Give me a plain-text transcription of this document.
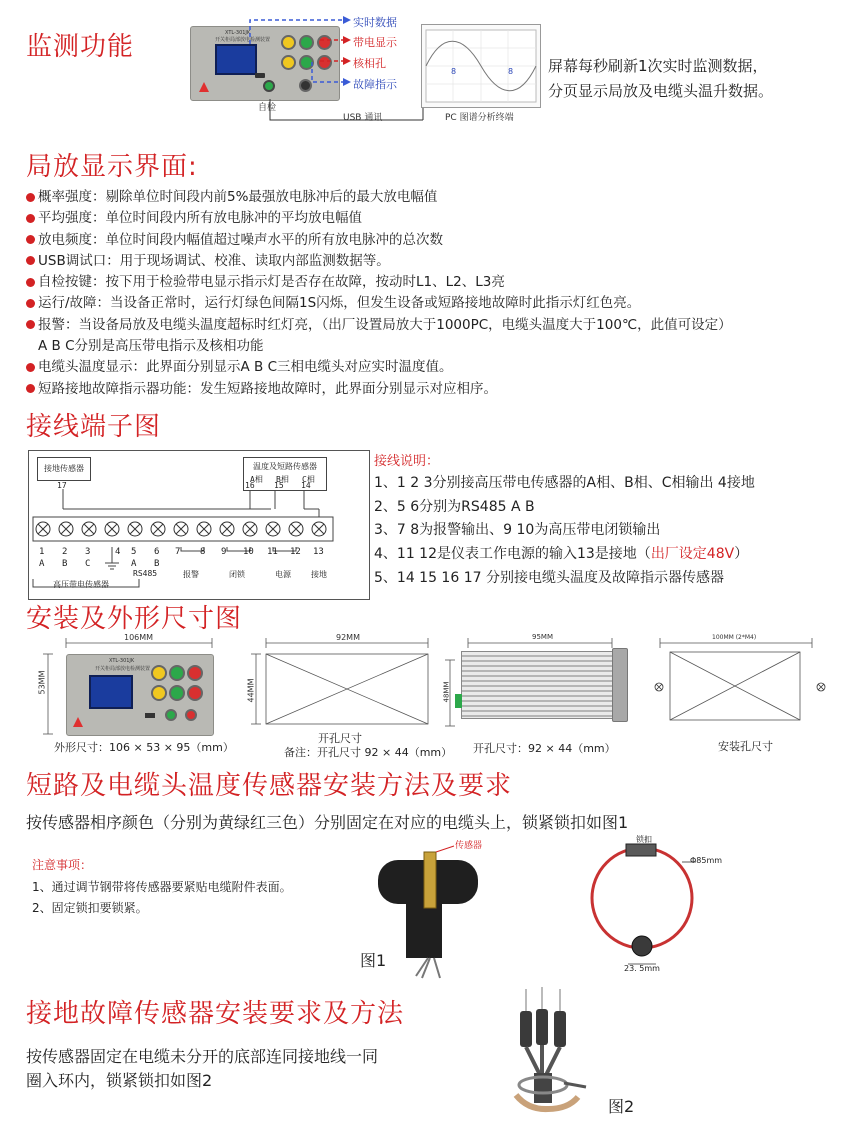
监测功能	XTL-301JK
开关柜局部放电检测装置
实时数据
带电显示
核相孔
故障指示
自检
USB 通讯	PC 图谱分析终端
8	8 屏幕每秒刷新1次实时监测数据，
分页显示局放及电缆头温升数据。
局放显示界面:
概率强度：剔除单位时间段内前5%最强放电脉冲后的最大放电幅值
平均强度：单位时间段内所有放电脉冲的平均放电幅值
放电频度：单位时间段内幅值超过噪声水平的所有放电脉冲的总次数
USB调试口：用于现场调试、校准、读取内部监测数据等。
自检按键：按下用于检验带电显示指示灯是否存在故障，按动时L1、L2、L3亮
运行/故障：当设备正常时，运行灯绿色间隔1S闪烁，但发生设备或短路接地故障时此指示灯红色亮。
报警：当设备局放及电缆头温度超标时红灯亮，（出厂设置局放大于1000PC，电缆头温度大于100℃，此值可设定）
A B C分别是高压带电指示及核相功能
电缆头温度显示：此界面分别显示A B C三相电缆头对应实时温度值。
短路接地故障指示器功能：发生短路接地故障时，此界面分别显示对应相序。
接线端子图
接地传感器
17
温度及短路传感器
A相 B相 C相
16 15 14
1 2 3	4 5 6 7 8 9 10 11 12 13
A B C	A B
RS485	报警	闭锁	电源	接地
高压带电传感器
接线说明：
1、1 2 3分别接高压带电传感器的A相、B相、C相输出 4接地
2、5 6分别为RS485 A B
3、7 8为报警输出、9 10为高压带电闭锁输出
4、11 12是仪表工作电源的输入13是接地（出厂设定48V）
5、14 15 16 17 分别接电缆头温度及故障指示器传感器
安装及外形尺寸图
106MM
53MM
92MM
44MM
95MM
48MM
100MM (2*M4)
XTL-301JK
开关柜局部放电检测装置
外形尺寸：106 × 53 × 95（mm）
开孔尺寸
备注：开孔尺寸 92 × 44（mm） 开孔尺寸：92 × 44（mm）	安装孔尺寸
短路及电缆头温度传感器安装方法及要求
按传感器相序颜色（分别为黄绿红三色）分别固定在对应的电缆头上，锁紧锁扣如图1
注意事项：
1、通过调节钢带将传感器要紧贴电缆附件表面。
2、固定锁扣要锁紧。
传感器
图1
锁扣
Φ85mm
23. 5mm
接地故障传感器安装要求及方法
按传感器固定在电缆未分开的底部连同接地线一同
圈入环内，锁紧锁扣如图2
图2
